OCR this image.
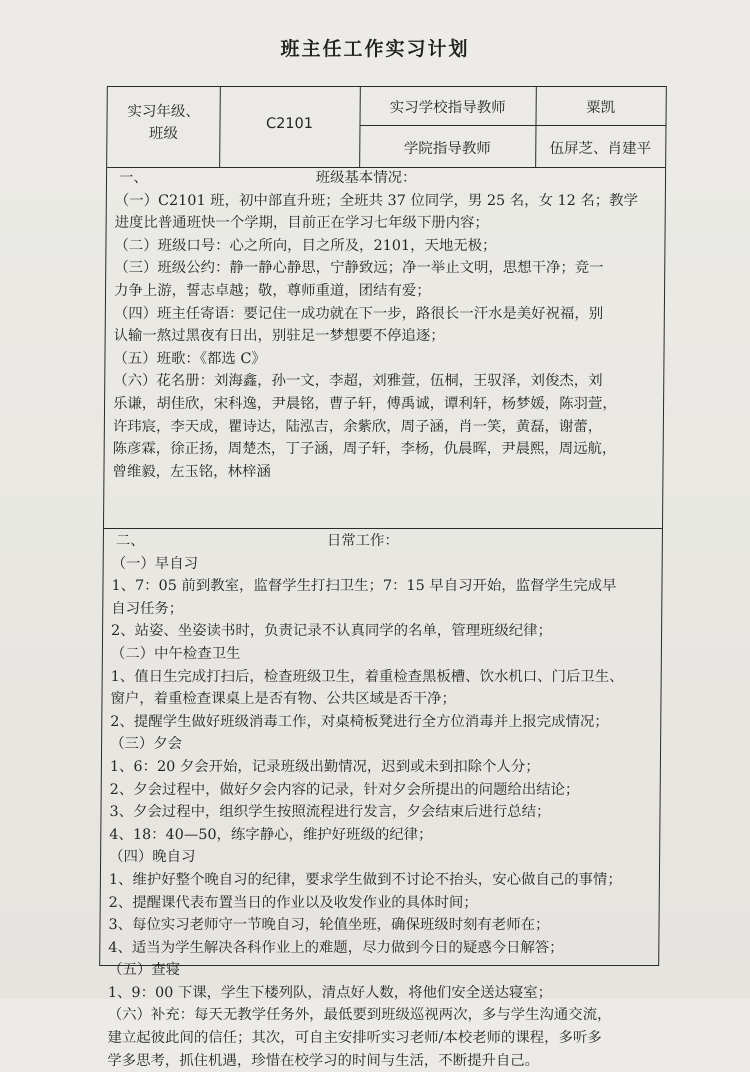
班主任工作实习计划
实习年级、
班级
C2101
实习学校指导教师	粟凯
学院指导教师	伍屏芝、肖建平
一、	班级基本情况：
（一）C2101 班，初中部直升班；全班共 37 位同学，男 25 名，女 12 名；教学
进度比普通班快一个学期，目前正在学习七年级下册内容；
（二）班级口号：心之所向，目之所及，2101，天地无极；
（三）班级公约：静一静心静思，宁静致远；净一举止文明，思想干净；竞一
力争上游，誓志卓越；敬，尊师重道，团结有爱；
（四）班主任寄语：要记住一成功就在下一步，路很长一汗水是美好祝福，别
认输一熬过黑夜有日出，别驻足一梦想要不停追逐；
（五）班歌：《都选 C》
（六）花名册：刘海鑫，孙一文，李超，刘雅萱，伍桐，王驭泽，刘俊杰，刘
乐谦，胡佳欣，宋科逸，尹晨铭，曹子轩，傅禹诚，谭利轩，杨梦媛，陈羽萱，
许玮宸，李天成，瞿诗达，陆泓吉，余紫欣，周子涵，肖一笑，黄磊，谢蕾，
陈彦霖，徐正扬，周楚杰，丁子涵，周子轩，李杨，仇晨晖，尹晨熙，周远航，
曾维毅，左玉铭，林梓涵
二、	日常工作：
（一）早自习
1、7：05 前到教室，监督学生打扫卫生；7：15 早自习开始，监督学生完成早
自习任务；
2、站姿、坐姿读书时，负责记录不认真同学的名单，管理班级纪律；
（二）中午检查卫生
1、值日生完成打扫后，检查班级卫生，着重检查黑板槽、饮水机口、门后卫生、
窗户，着重检查课桌上是否有物、公共区域是否干净；
2、提醒学生做好班级消毒工作，对桌椅板凳进行全方位消毒并上报完成情况；
（三）夕会
1、6：20 夕会开始，记录班级出勤情况，迟到或未到扣除个人分；
2、夕会过程中，做好夕会内容的记录，针对夕会所提出的问题给出结论；
3、夕会过程中，组织学生按照流程进行发言，夕会结束后进行总结；
4、18：40—50，练字静心，维护好班级的纪律；
（四）晚自习
1、维护好整个晚自习的纪律，要求学生做到不讨论不抬头，安心做自己的事情；
2、提醒课代表布置当日的作业以及收发作业的具体时间；
3、每位实习老师守一节晚自习，轮值坐班，确保班级时刻有老师在；
4、适当为学生解决各科作业上的难题，尽力做到今日的疑惑今日解答；
（五）查寝
1、9：00 下课，学生下楼列队，清点好人数，将他们安全送达寝室；
（六）补充：每天无教学任务外，最低要到班级巡视两次，多与学生沟通交流，
建立起彼此间的信任；其次，可自主安排听实习老师/本校老师的课程，多听多
学多思考，抓住机遇，珍惜在校学习的时间与生活，不断提升自己。
